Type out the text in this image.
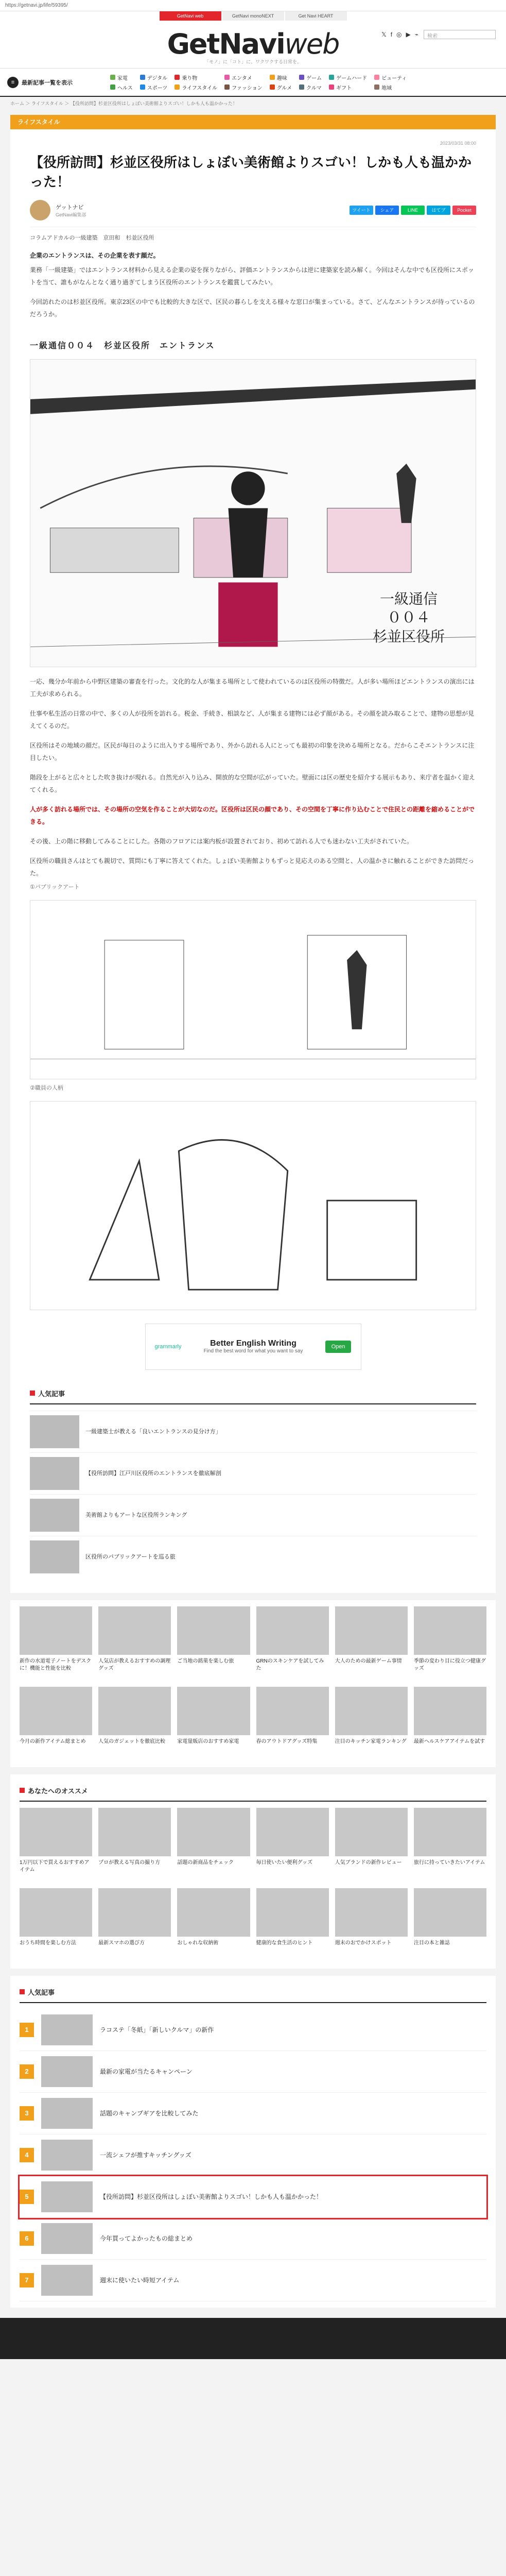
https://getnavi.jp/life/59395/
GetNavi web	GetNavi monoNEXT	Get Navi HEART
GetNaviweb
「モノ」に「コト」に、ワクワクする日常を。
𝕏 f ◎ ▶ ⌁	検索
≡	最新記事一覧を表示
家電	デジタル	乗り物	エンタメ	趣味	ゲーム	ゲームハード	ビューティ
ヘルス	スポーツ	ライフスタイル	ファッション	グルメ	クルマ	ギフト	地域
ホーム ＞ ライフスタイル ＞ 【役所訪問】杉並区役所はしょぼい美術館よりスゴい！しかも人も温かかった！
ライフスタイル
2023/03/31 08:00
【役所訪問】杉並区役所はしょぼい美術館よりスゴい！しかも人も温かかった！
ゲットナビ
GetNavi編集部
ツイート	シェア	LINE	はてブ	Pocket
コラムアドカルの一級建築　京田和　杉並区役所
企業のエントランスは、その企業を表す顔だ。

業務「一級建築」ではエントランス材料から見える企業の姿を探りながら、評価エントランスからは逆に建築家を読み解く。今回はそんな中でも区役所にスポットを当て、誰もがなんとなく通り過ぎてしまう区役所のエントランスを鑑賞してみたい。

今回訪れたのは杉並区役所。東京23区の中でも比較的大きな区で、区民の暮らしを支える様々な窓口が集まっている。さて、どんなエントランスが待っているのだろうか。

一級通信００４　杉並区役所　エントランス
一級通信
００４
杉並区役所

一応、幾分か年前から中野区建築の審査を行った。文化的な人が集まる場所として使われているのは区役所の特徴だ。人が多い場所ほどエントランスの演出には工夫が求められる。

仕事や私生活の日常の中で、多くの人が役所を訪れる。税金、手続き、相談など、人が集まる建物には必ず顔がある。その顔を読み取ることで、建物の思想が見えてくるのだ。

区役所はその地域の顔だ。区民が毎日のように出入りする場所であり、外から訪れる人にとっても最初の印象を決める場所となる。だからこそエントランスに注目したい。

階段を上がると広々とした吹き抜けが現れる。自然光が入り込み、開放的な空間が広がっていた。壁面には区の歴史を紹介する展示もあり、来庁者を温かく迎えてくれる。

人が多く訪れる場所では、その場所の空気を作ることが大切なのだ。区役所は区民の顔であり、その空間を丁寧に作り込むことで住民との距離を縮めることができる。

その後、上の階に移動してみることにした。各階のフロアには案内板が設置されており、初めて訪れる人でも迷わない工夫がされていた。

区役所の職員さんはとても親切で、質問にも丁寧に答えてくれた。しょぼい美術館よりもずっと見応えのある空間と、人の温かさに触れることができた訪問だった。

①パブリックアート
②職員の人柄
grammarly	Better English Writing
Find the best word for what you want to say
Open
人気記事

一級建築士が教える「良いエントランスの見分け方」

【役所訪問】江戸川区役所のエントランスを徹底解剖

美術館よりもアートな区役所ランキング

区役所のパブリックアートを巡る旅

新作の水道電子ノートをデスクに！機能と性能を比較

人気店が教えるおすすめの調理グッズ

ご当地の銘菓を楽しむ旅	GRNのスキンケアを試してみた

大人のための最新ゲーム事情	季節の変わり目に役立つ健康グッズ

今月の新作アイテム総まとめ	人気のガジェットを徹底比較	家電量販店のおすすめ家電	春のアウトドアグッズ特集	注目のキッチン家電ランキング 最新ヘルスケアアイテムを試す

あなたへのオススメ

1万円以下で買えるおすすめアイテム

プロが教える写真の撮り方	話題の新商品をチェック	毎日使いたい便利グッズ	人気ブランドの新作レビュー	旅行に持っていきたいアイテム

おうち時間を楽しむ方法	最新スマホの選び方	おしゃれな収納術	健康的な食生活のヒント	週末のおでかけスポット	注目の本と雑誌

人気記事
1	ラコステ「冬紙」「新しいクルマ」の新作

2	最新の家電が当たるキャンペーン

3	話題のキャンプギアを比較してみた

4	一流シェフが推すキッチングッズ

5	【役所訪問】杉並区役所はしょぼい美術館よりスゴい！しかも人も温かかった！

6	今年買ってよかったもの総まとめ

7	週末に使いたい時短アイテム
